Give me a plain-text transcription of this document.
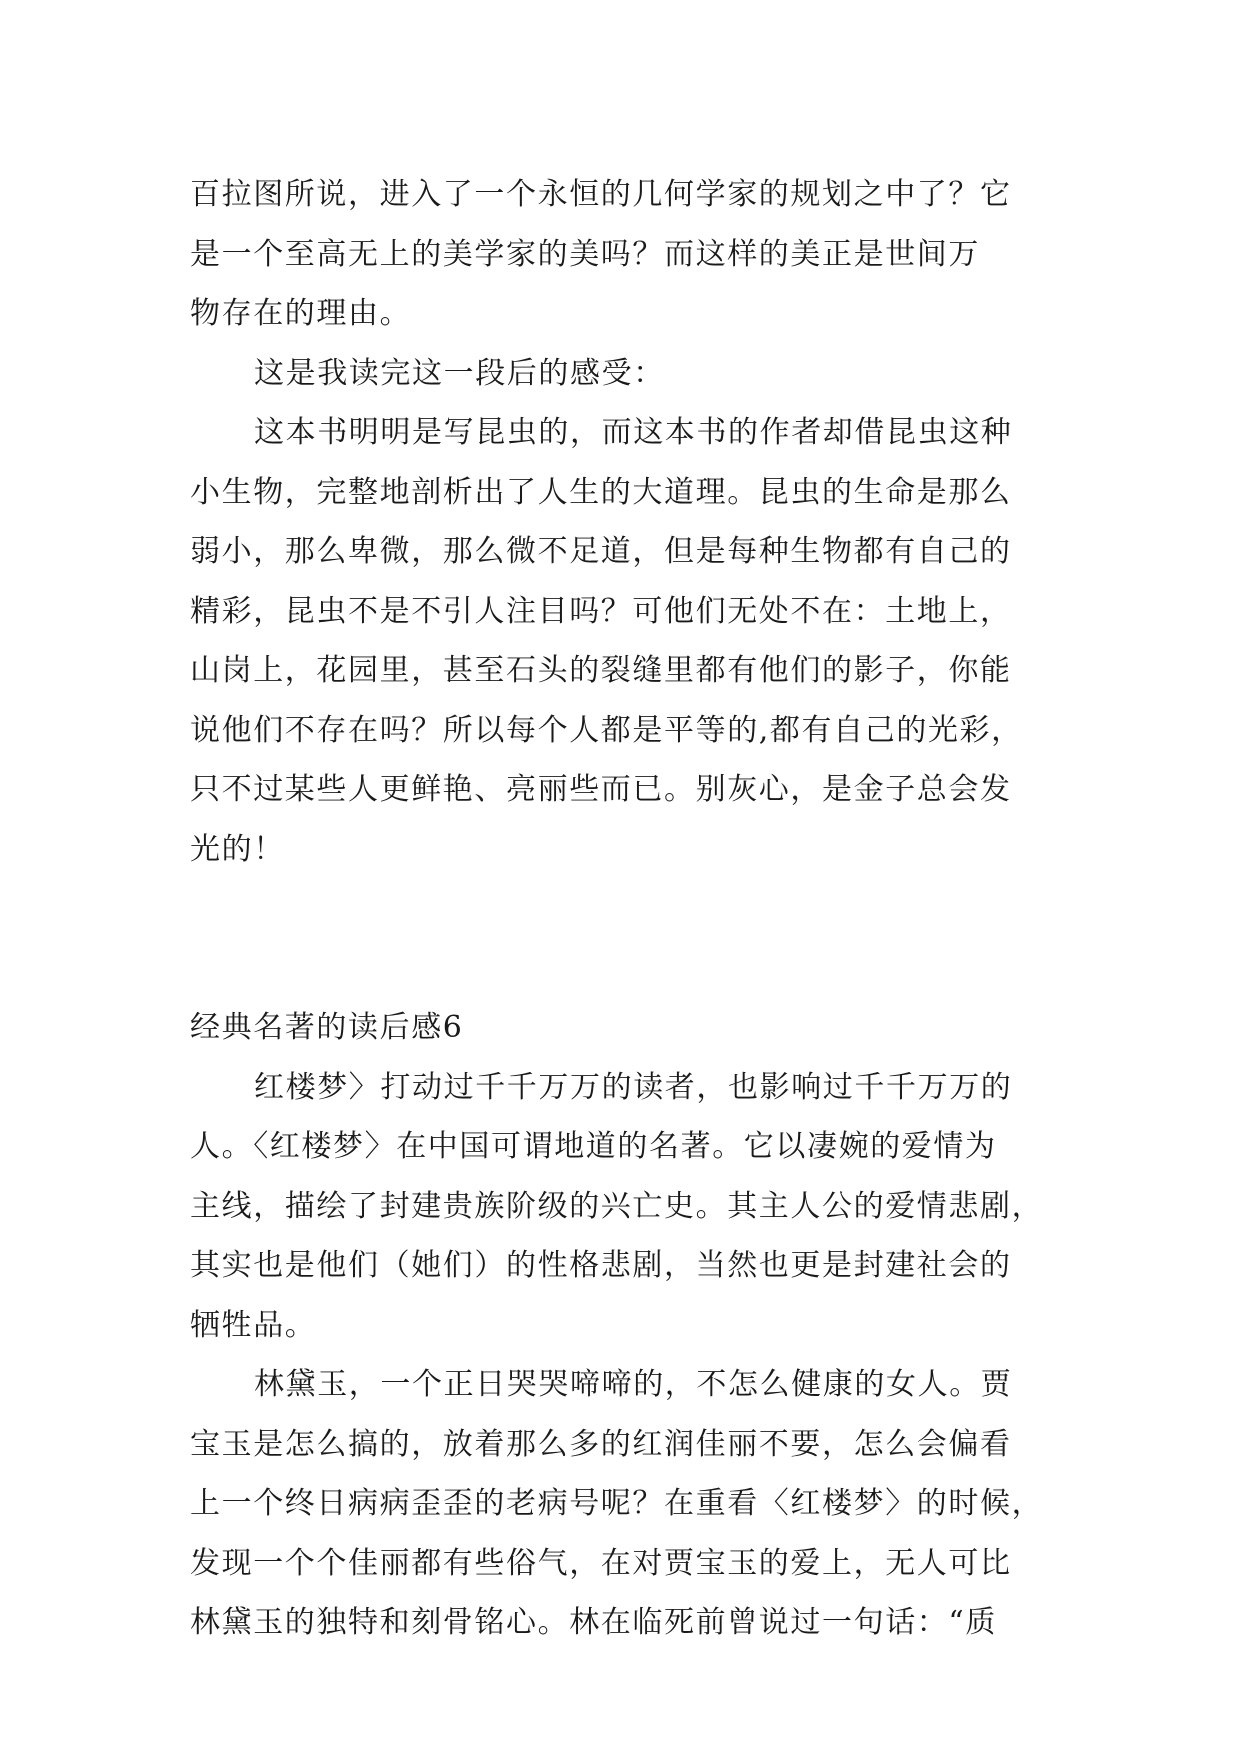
百拉图所说，进入了一个永恒的几何学家的规划之中了？它
是一个至高无上的美学家的美吗？而这样的美正是世间万
物存在的理由。
这是我读完这一段后的感受：
这本书明明是写昆虫的，而这本书的作者却借昆虫这种
小生物，完整地剖析出了人生的大道理。昆虫的生命是那么
弱小，那么卑微，那么微不足道，但是每种生物都有自己的
精彩，昆虫不是不引人注目吗？可他们无处不在：土地上，
山岗上，花园里，甚至石头的裂缝里都有他们的影子，你能
说他们不存在吗？所以每个人都是平等的,都有自己的光彩，
只不过某些人更鲜艳、亮丽些而已。别灰心，是金子总会发
光的！
经典名著的读后感6
红楼梦〉打动过千千万万的读者，也影响过千千万万的
人。〈红楼梦〉在中国可谓地道的名著。它以凄婉的爱情为
主线，描绘了封建贵族阶级的兴亡史。其主人公的爱情悲剧，
其实也是他们（她们）的性格悲剧，当然也更是封建社会的
牺牲品。
林黛玉，一个正日哭哭啼啼的，不怎么健康的女人。贾
宝玉是怎么搞的，放着那么多的红润佳丽不要，怎么会偏看
上一个终日病病歪歪的老病号呢？在重看〈红楼梦〉的时候，
发现一个个佳丽都有些俗气，在对贾宝玉的爱上，无人可比
林黛玉的独特和刻骨铭心。林在临死前曾说过一句话：“质
